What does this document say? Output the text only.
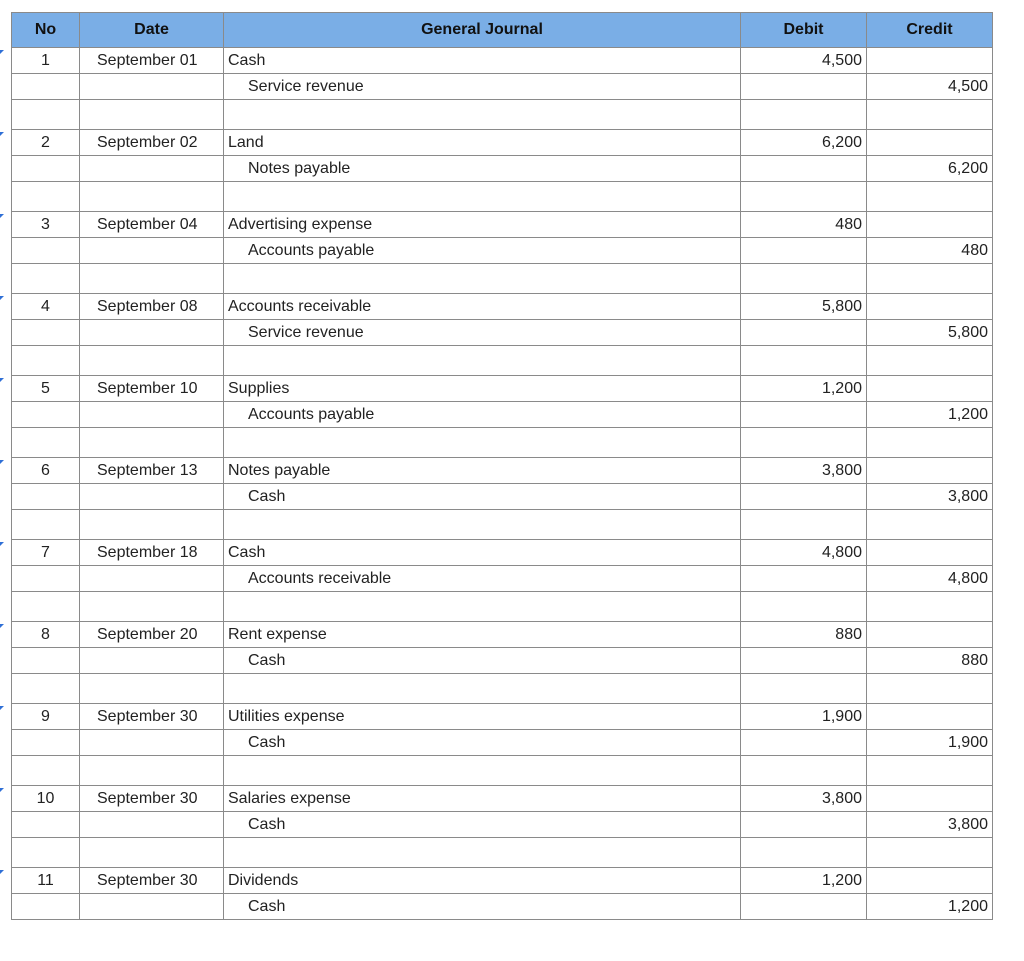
No	Date	General Journal	Debit	Credit
1	September 01	Cash	4,500	
		Service revenue		4,500

2	September 02	Land	6,200	
		Notes payable		6,200

3	September 04	Advertising expense	480	
		Accounts payable		480

4	September 08	Accounts receivable	5,800	
		Service revenue		5,800

5	September 10	Supplies	1,200	
		Accounts payable		1,200

6	September 13	Notes payable	3,800	
		Cash		3,800

7	September 18	Cash	4,800	
		Accounts receivable		4,800

8	September 20	Rent expense	880	
		Cash		880

9	September 30	Utilities expense	1,900	
		Cash		1,900

10	September 30	Salaries expense	3,800	
		Cash		3,800

11	September 30	Dividends	1,200	
		Cash		1,200
